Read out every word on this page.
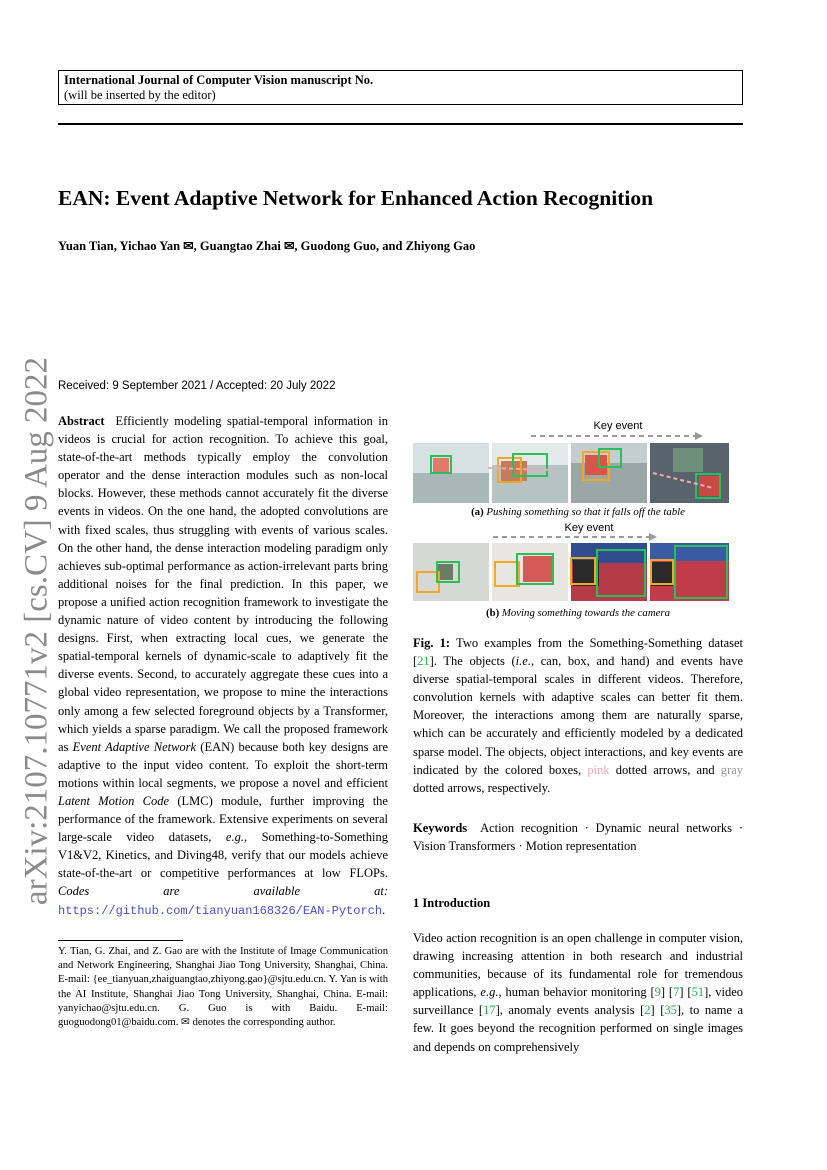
International Journal of Computer Vision manuscript No.
(will be inserted by the editor)
EAN: Event Adaptive Network for Enhanced Action Recognition
Yuan Tian, Yichao Yan ✉, Guangtao Zhai ✉, Guodong Guo, and Zhiyong Gao
Received: 9 September 2021 / Accepted: 20 July 2022
arXiv:2107.10771v2 [cs.CV] 9 Aug 2022 Abstract Efficiently modeling spatial-temporal information in videos is crucial for action recognition. To achieve this goal, state-of-the-art methods typically employ the convolution operator and the dense interaction modules such as non-local blocks. However, these methods cannot accurately fit the diverse events in videos. On the one hand, the adopted convolutions are with fixed scales, thus struggling with events of various scales. On the other hand, the dense interaction modeling paradigm only achieves sub-optimal performance as action-irrelevant parts bring additional noises for the final prediction. In this paper, we propose a unified action recognition framework to investigate the dynamic nature of video content by introducing the following designs. First, when extracting local cues, we generate the spatial-temporal kernels of dynamic-scale to adaptively fit the diverse events. Second, to accurately aggregate these cues into a global video representation, we propose to mine the interactions only among a few selected foreground objects by a Transformer, which yields a sparse paradigm. We call the proposed framework as Event Adaptive Network (EAN) because both key designs are adaptive to the input video content. To exploit the short-term motions within local segments, we propose a novel and efficient Latent Motion Code (LMC) module, further improving the performance of the framework. Extensive experiments on several large-scale video datasets, e.g., Something-to-Something V1&V2, Kinetics, and Diving48, verify that our models achieve state-of-the-art or competitive performances at low FLOPs. Codes are available at: https://github.com/tianyuan168326/EAN-Pytorch.
Y. Tian, G. Zhai, and Z. Gao are with the Institute of Image Communication and Network Engineering, Shanghai Jiao Tong University, Shanghai, China. E-mail: {ee_tianyuan,zhaiguangtao,zhiyong.gao}@sjtu.edu.cn. Y. Yan is with the AI Institute, Shanghai Jiao Tong University, Shanghai, China. E-mail: yanyichao@sjtu.edu.cn. G. Guo is with Baidu. E-mail: guoguodong01@baidu.com. ✉ denotes the corresponding author.
Key event
(a) Pushing something so that it falls off the table
Key event
(b) Moving something towards the camera
Fig. 1: Two examples from the Something-Something dataset [21]. The objects (i.e., can, box, and hand) and events have diverse spatial-temporal scales in different videos. Therefore, convolution kernels with adaptive scales can better fit them. Moreover, the interactions among them are naturally sparse, which can be accurately and efficiently modeled by a dedicated sparse model. The objects, object interactions, and key events are indicated by the colored boxes, pink dotted arrows, and gray dotted arrows, respectively.
Keywords Action recognition · Dynamic neural networks · Vision Transformers · Motion representation
1 Introduction
Video action recognition is an open challenge in computer vision, drawing increasing attention in both research and industrial communities, because of its fundamental role for tremendous applications, e.g., human behavior monitoring [9] [7] [51], video surveillance [17], anomaly events analysis [2] [35], to name a few. It goes beyond the recognition performed on single images and depends on comprehensively
